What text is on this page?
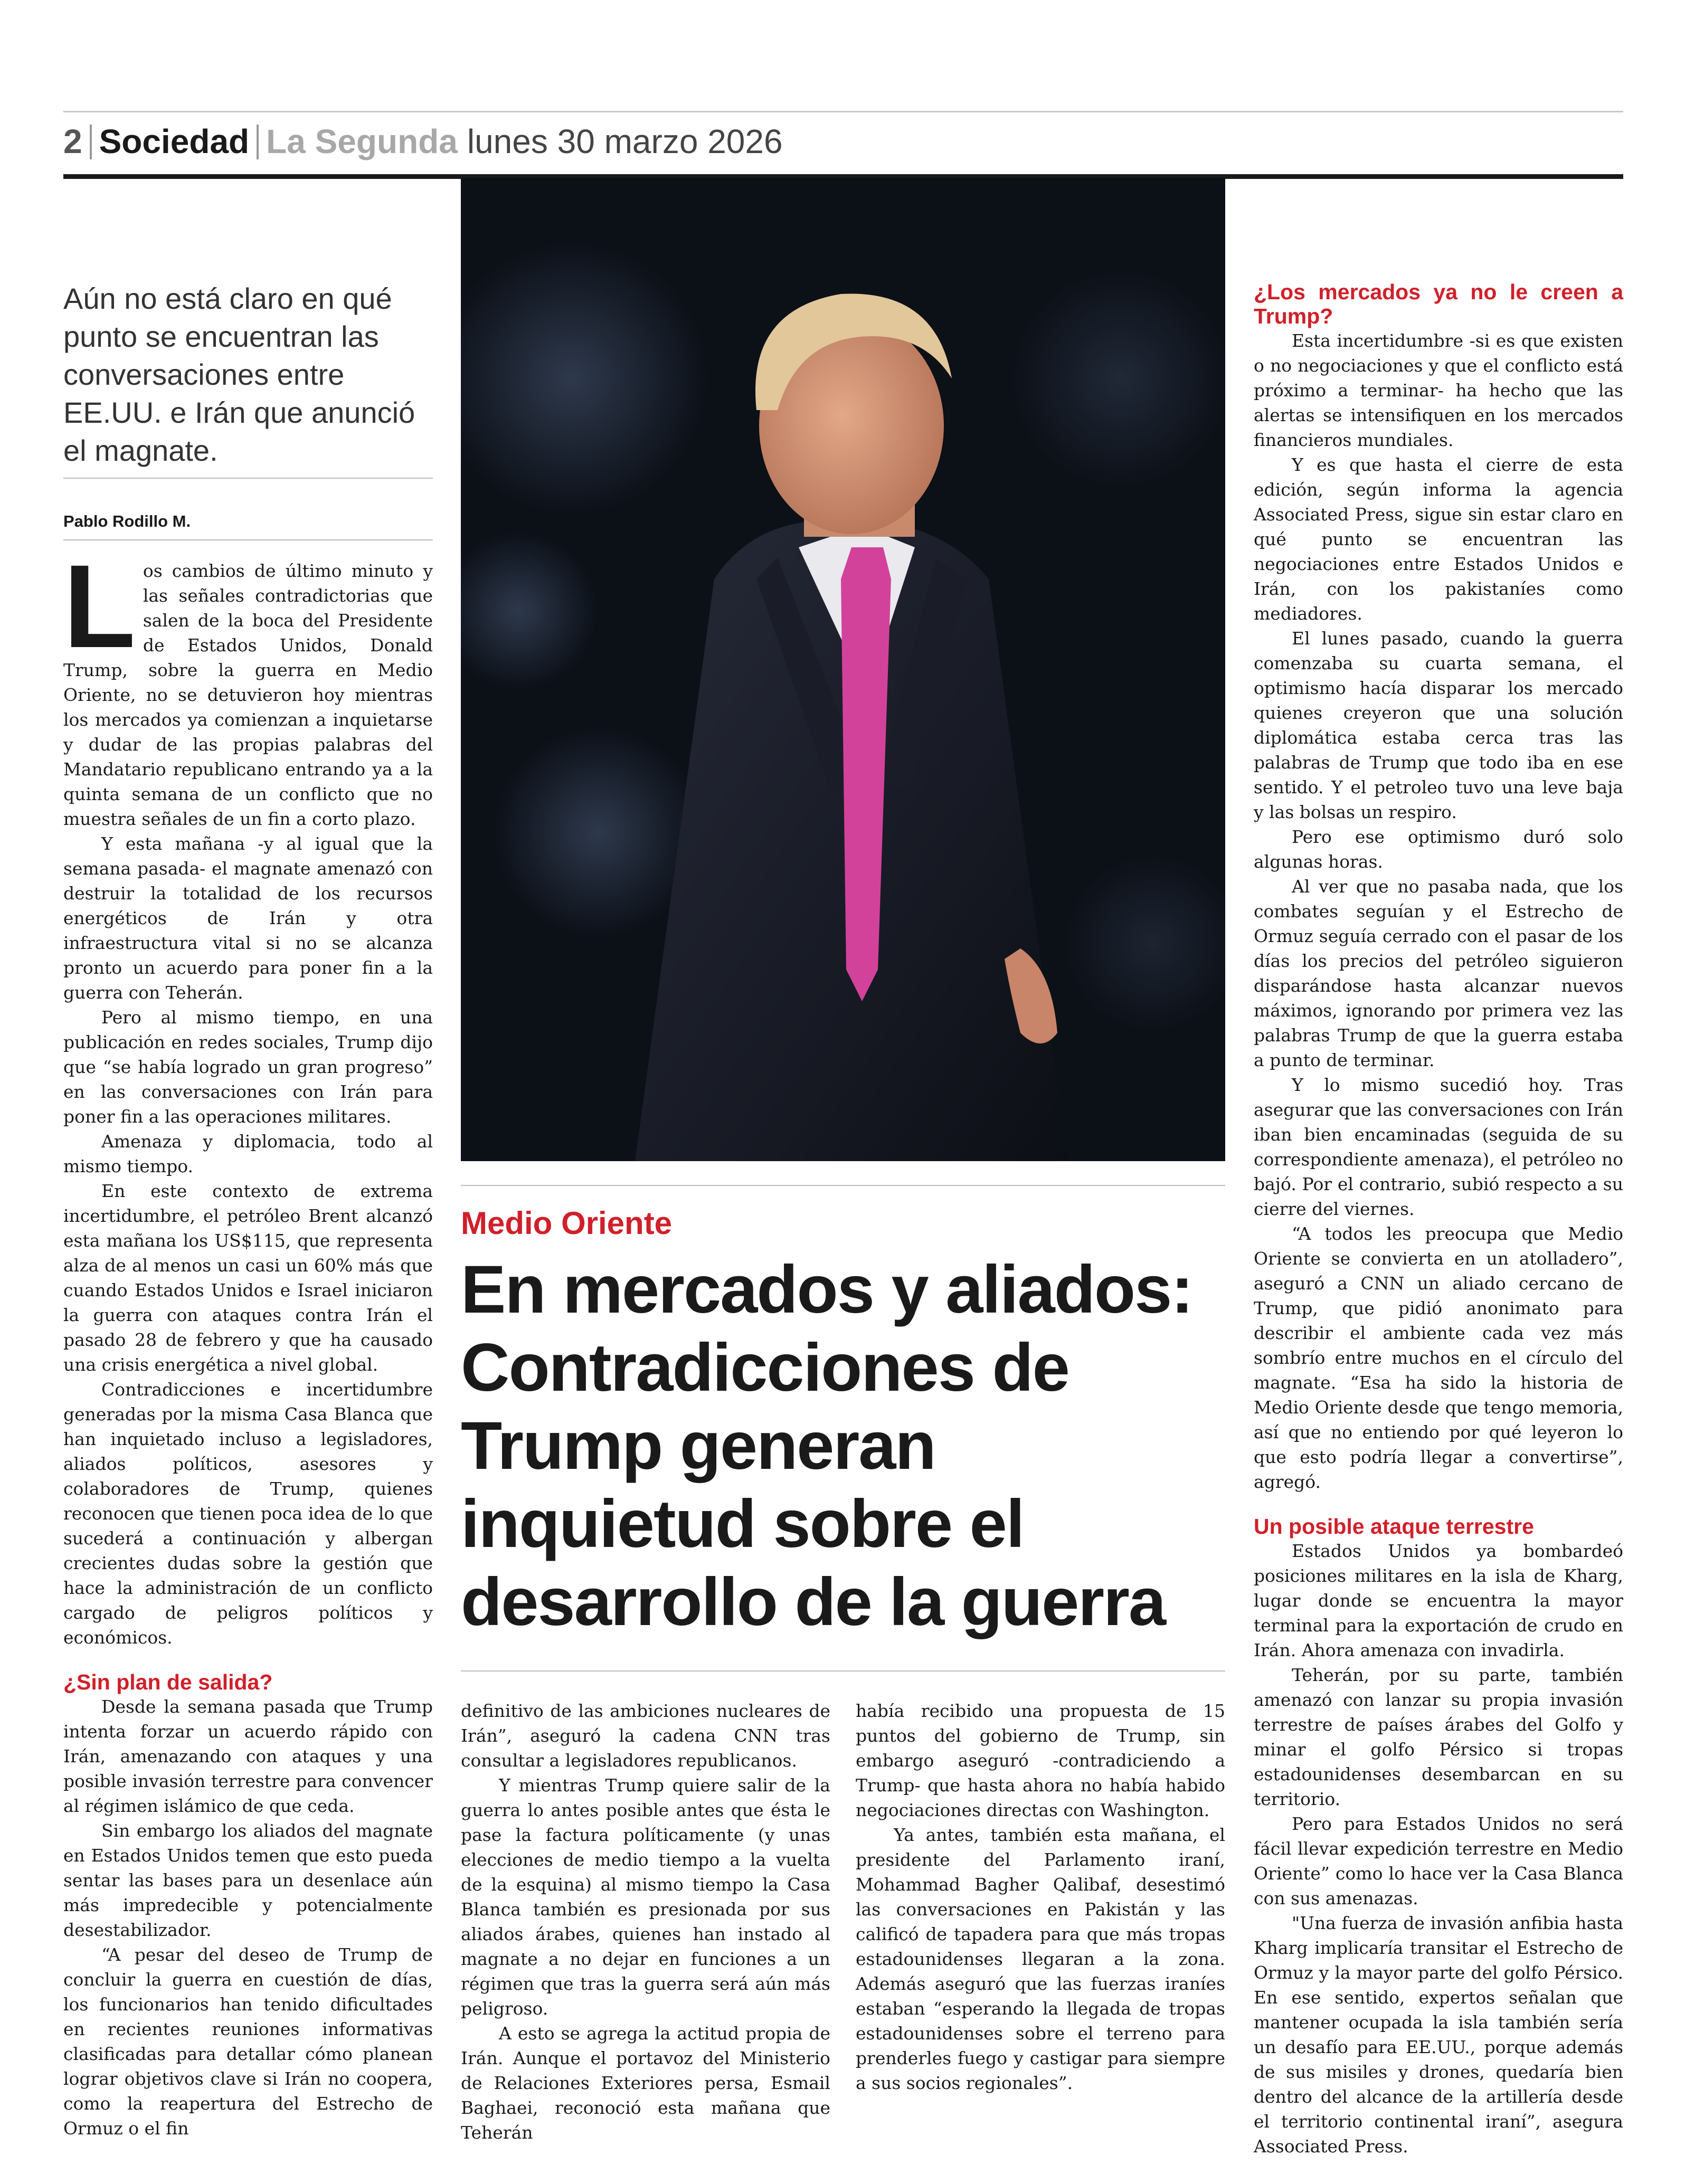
2 Sociedad La Segunda lunes 30 marzo 2026

Aún no está claro en qué punto se encuentran las conversaciones entre EE.UU. e Irán que anunció el magnate.

Pablo Rodillo M.

Los cambios de último minuto y las señales contradictorias que salen de la boca del Presidente de Estados Unidos, Donald Trump, sobre la guerra en Medio Oriente, no se detuvieron hoy mientras los mercados ya comienzan a inquietarse y dudar de las propias palabras del Mandatario republicano entrando ya a la quinta semana de un conflicto que no muestra señales de un fin a corto plazo.

Y esta mañana -y al igual que la semana pasada- el magnate amenazó con destruir la totalidad de los recursos energéticos de Irán y otra infraestructura vital si no se alcanza pronto un acuerdo para poner fin a la guerra con Teherán.

Pero al mismo tiempo, en una publicación en redes sociales, Trump dijo que “se había logrado un gran progreso” en las conversaciones con Irán para poner fin a las operaciones militares.

Amenaza y diplomacia, todo al mismo tiempo.

En este contexto de extrema incertidumbre, el petróleo Brent alcanzó esta mañana los US$115, que representa alza de al menos un casi un 60% más que cuando Estados Unidos e Israel iniciaron la guerra con ataques contra Irán el pasado 28 de febrero y que ha causado una crisis energética a nivel global.

Contradicciones e incertidumbre generadas por la misma Casa Blanca que han inquietado incluso a legisladores, aliados políticos, asesores y colaboradores de Trump, quienes reconocen que tienen poca idea de lo que sucederá a continuación y albergan crecientes dudas sobre la gestión que hace la administración de un conflicto cargado de peligros políticos y económicos.

¿Sin plan de salida?

Desde la semana pasada que Trump intenta forzar un acuerdo rápido con Irán, amenazando con ataques y una posible invasión terrestre para convencer al régimen islámico de que ceda.

Sin embargo los aliados del magnate en Estados Unidos temen que esto pueda sentar las bases para un desenlace aún más impredecible y potencialmente desestabilizador.

“A pesar del deseo de Trump de concluir la guerra en cuestión de días, los funcionarios han tenido dificultades en recientes reuniones informativas clasificadas para detallar cómo planean lograr objetivos clave si Irán no coopera, como la reapertura del Estrecho de Ormuz o el fin

Medio Oriente

En mercados y aliados: Contradicciones de Trump generan inquietud sobre el desarrollo de la guerra

definitivo de las ambiciones nucleares de Irán”, aseguró la cadena CNN tras consultar a legisladores republicanos.

Y mientras Trump quiere salir de la guerra lo antes posible antes que ésta le pase la factura políticamente (y unas elecciones de medio tiempo a la vuelta de la esquina) al mismo tiempo la Casa Blanca también es presionada por sus aliados árabes, quienes han instado al magnate a no dejar en funciones a un régimen que tras la guerra será aún más peligroso.

A esto se agrega la actitud propia de Irán. Aunque el portavoz del Ministerio de Relaciones Exteriores persa, Esmail Baghaei, reconoció esta mañana que Teherán

había recibido una propuesta de 15 puntos del gobierno de Trump, sin embargo aseguró -contradiciendo a Trump- que hasta ahora no había habido negociaciones directas con Washington.

Ya antes, también esta mañana, el presidente del Parlamento iraní, Mohammad Bagher Qalibaf, desestimó las conversaciones en Pakistán y las calificó de tapadera para que más tropas estadounidenses llegaran a la zona. Además aseguró que las fuerzas iraníes estaban “esperando la llegada de tropas estadounidenses sobre el terreno para prenderles fuego y castigar para siempre a sus socios regionales”.

¿Los mercados ya no le creen a Trump?

Esta incertidumbre -si es que existen o no negociaciones y que el conflicto está próximo a terminar- ha hecho que las alertas se intensifiquen en los mercados financieros mundiales.

Y es que hasta el cierre de esta edición, según informa la agencia Associated Press, sigue sin estar claro en qué punto se encuentran las negociaciones entre Estados Unidos e Irán, con los pakistaníes como mediadores.

El lunes pasado, cuando la guerra comenzaba su cuarta semana, el optimismo hacía disparar los mercado quienes creyeron que una solución diplomática estaba cerca tras las palabras de Trump que todo iba en ese sentido. Y el petroleo tuvo una leve baja y las bolsas un respiro.

Pero ese optimismo duró solo algunas horas.

Al ver que no pasaba nada, que los combates seguían y el Estrecho de Ormuz seguía cerrado con el pasar de los días los precios del petróleo siguieron disparándose hasta alcanzar nuevos máximos, ignorando por primera vez las palabras Trump de que la guerra estaba a punto de terminar.

Y lo mismo sucedió hoy. Tras asegurar que las conversaciones con Irán iban bien encaminadas (seguida de su correspondiente amenaza), el petróleo no bajó. Por el contrario, subió respecto a su cierre del viernes.

“A todos les preocupa que Medio Oriente se convierta en un atolladero”, aseguró a CNN un aliado cercano de Trump, que pidió anonimato para describir el ambiente cada vez más sombrío entre muchos en el círculo del magnate. “Esa ha sido la historia de Medio Oriente desde que tengo memoria, así que no entiendo por qué leyeron lo que esto podría llegar a convertirse”, agregó.

Un posible ataque terrestre

Estados Unidos ya bombardeó posiciones militares en la isla de Kharg, lugar donde se encuentra la mayor terminal para la exportación de crudo en Irán. Ahora amenaza con invadirla.

Teherán, por su parte, también amenazó con lanzar su propia invasión terrestre de países árabes del Golfo y minar el golfo Pérsico si tropas estadounidenses desembarcan en su territorio.

Pero para Estados Unidos no será fácil llevar expedición terrestre en Medio Oriente” como lo hace ver la Casa Blanca con sus amenazas.

"Una fuerza de invasión anfibia hasta Kharg implicaría transitar el Estrecho de Ormuz y la mayor parte del golfo Pérsico. En ese sentido, expertos señalan que mantener ocupada la isla también sería un desafío para EE.UU., porque además de sus misiles y drones, quedaría bien dentro del alcance de la artillería desde el territorio continental iraní”, asegura Associated Press.
